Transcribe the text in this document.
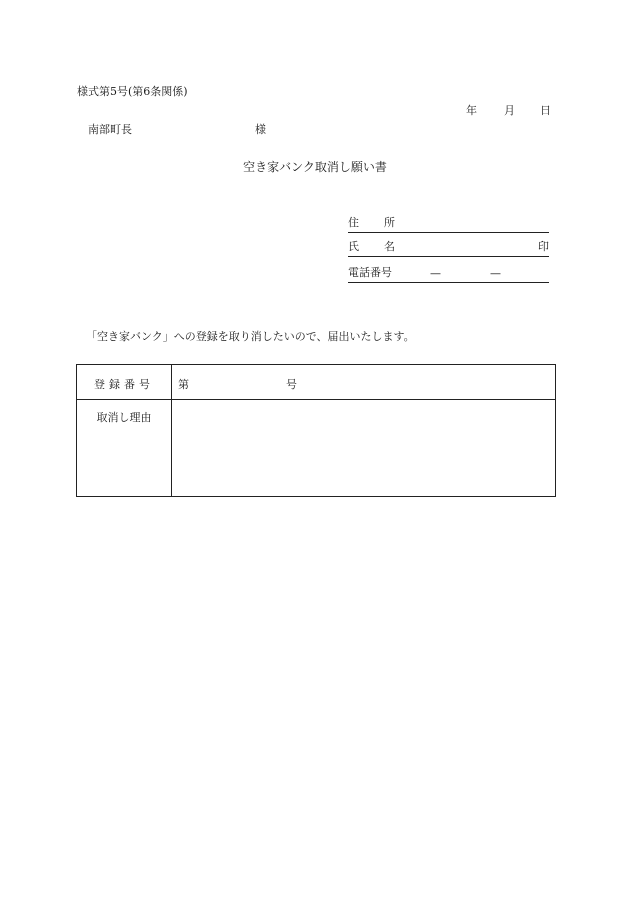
様式第5号(第6条関係)
年 月 日
南部町長	様
空き家バンク取消し願い書
住 所
氏 名	印
電話番号	—	—
「空き家バンク」への登録を取り消したいので、届出いたします。
登録番号	第	号
取消し理由
